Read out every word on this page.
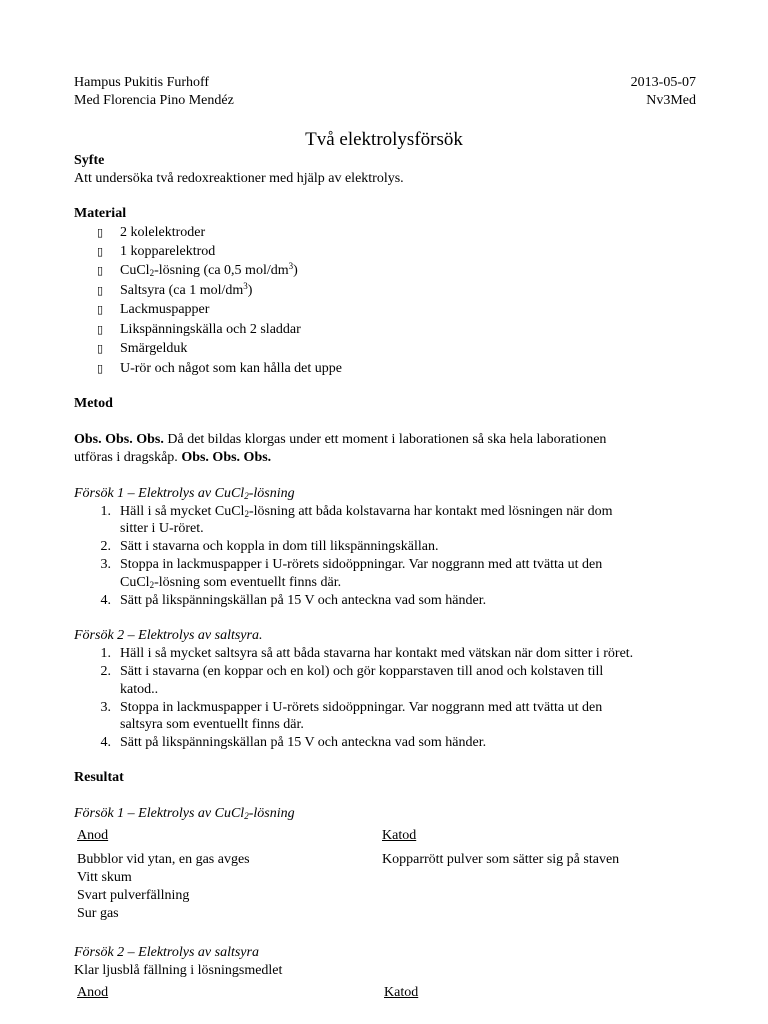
Hampus Pukitis Furhoff
Med Florencia Pino Mendéz
2013-05-07
Nv3Med
Två elektrolysförsök
Syfte
Att undersöka två redoxreaktioner med hjälp av elektrolys.
Material
▯ 2 kolelektroder
▯ 1 kopparelektrod
▯ CuCl$_2$-lösning (ca 0,5 mol/$dm^3$)
▯ Saltsyra (ca 1 mol/$dm^3$)
▯ Lackmuspapper
▯ Likspänningskälla och 2 sladdar
▯ Smärgelduk
▯ U-rör och något som kan hålla det uppe
Metod
Obs. Obs. Obs. Då det bildas klorgas under ett moment i laborationen så ska hela laborationen
utföras i dragskåp. Obs. Obs. Obs.
Försök 1 – Elektrolys av CuCl$_2$-lösning
1. Häll i så mycket CuCl$_2$-lösning att båda kolstavarna har kontakt med lösningen när dom
sitter i U-röret.
2. Sätt i stavarna och koppla in dom till likspänningskällan.
3. Stoppa in lackmuspapper i U-rörets sidoöppningar. Var noggrann med att tvätta ut den
CuCl$_2$-lösning som eventuellt finns där.
4. Sätt på likspänningskällan på 15 V och anteckna vad som händer.
Försök 2 – Elektrolys av saltsyra.
1. Häll i så mycket saltsyra så att båda stavarna har kontakt med vätskan när dom sitter i röret.
2. Sätt i stavarna (en koppar och en kol) och gör kopparstaven till anod och kolstaven till
katod..
3. Stoppa in lackmuspapper i U-rörets sidoöppningar. Var noggrann med att tvätta ut den
saltsyra som eventuellt finns där.
4. Sätt på likspänningskällan på 15 V och anteckna vad som händer.
Resultat
Försök 1 – Elektrolys av CuCl$_2$-lösning
Anod	Katod
Bubblor vid ytan, en gas avges
Vitt skum
Svart pulverfällning
Sur gas
Kopparrött pulver som sätter sig på staven
Försök 2 – Elektrolys av saltsyra
Klar ljusblå fällning i lösningsmedlet
Anod	Katod
